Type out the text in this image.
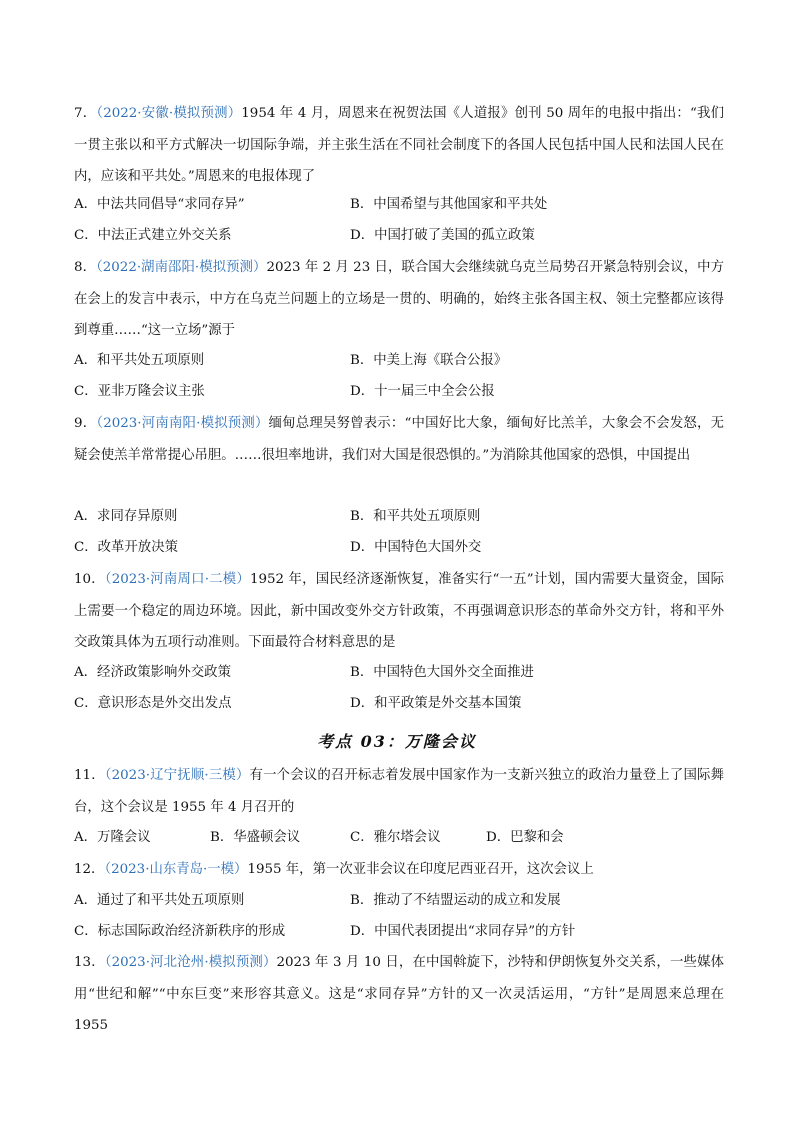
7．（2022·安徽·模拟预测）1954 年 4 月，周恩来在祝贺法国《人道报》创刊 50 周年的电报中指出：“我们一贯主张以和平方式解决一切国际争端，并主张生活在不同社会制度下的各国人民包括中国人民和法国人民在内，应该和平共处。”周恩来的电报体现了
A．中法共同倡导“求同存异”	B．中国希望与其他国家和平共处
C．中法正式建立外交关系	D．中国打破了美国的孤立政策
8．（2022·湖南邵阳·模拟预测）2023 年 2 月 23 日，联合国大会继续就乌克兰局势召开紧急特别会议，中方在会上的发言中表示，中方在乌克兰问题上的立场是一贯的、明确的，始终主张各国主权、领土完整都应该得到尊重……“这一立场”源于
A．和平共处五项原则	B．中美上海《联合公报》
C．亚非万隆会议主张	D．十一届三中全会公报
9．（2023·河南南阳·模拟预测）缅甸总理吴努曾表示：“中国好比大象，缅甸好比羔羊，大象会不会发怒，无疑会使羔羊常常提心吊胆。……很坦率地讲，我们对大国是很恐惧的。”为消除其他国家的恐惧，中国提出
A．求同存异原则	B．和平共处五项原则
C．改革开放决策	D．中国特色大国外交
10．（2023·河南周口·二模）1952 年，国民经济逐渐恢复，准备实行“一五”计划，国内需要大量资金，国际上需要一个稳定的周边环境。因此，新中国改变外交方针政策，不再强调意识形态的革命外交方针，将和平外交政策具体为五项行动准则。下面最符合材料意思的是
A．经济政策影响外交政策	B．中国特色大国外交全面推进
C．意识形态是外交出发点	D．和平政策是外交基本国策
考点 03：万隆会议
11．（2023·辽宁抚顺·三模）有一个会议的召开标志着发展中国家作为一支新兴独立的政治力量登上了国际舞台，这个会议是 1955 年 4 月召开的
A．万隆会议	B．华盛顿会议	C．雅尔塔会议	D．巴黎和会
12．（2023·山东青岛·一模）1955 年，第一次亚非会议在印度尼西亚召开，这次会议上
A．通过了和平共处五项原则	B．推动了不结盟运动的成立和发展
C．标志国际政治经济新秩序的形成	D．中国代表团提出“求同存异”的方针
13．（2023·河北沧州·模拟预测）2023 年 3 月 10 日，在中国斡旋下，沙特和伊朗恢复外交关系，一些媒体用“世纪和解”“中东巨变”来形容其意义。这是“求同存异”方针的又一次灵活运用，“方针”是周恩来总理在 1955
